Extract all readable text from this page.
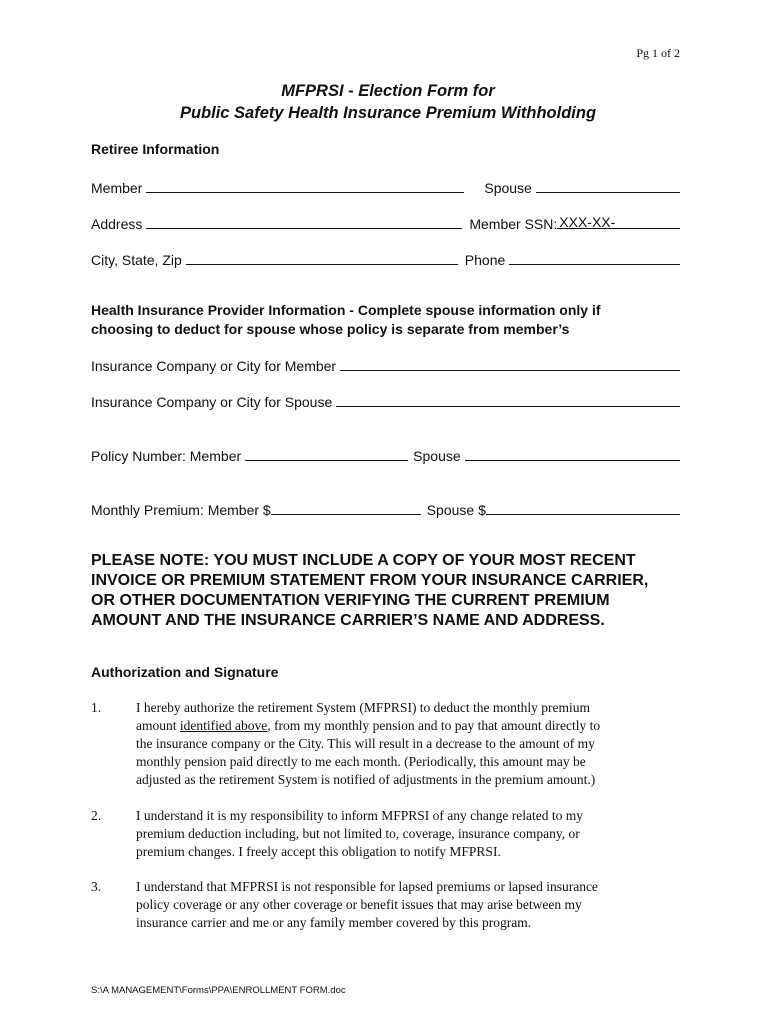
Pg 1 of 2
MFPRSI - Election Form for
Public Safety Health Insurance Premium Withholding
Retiree Information
Member	Spouse
Address	Member SSN: XXX-XX-
City, State, Zip	Phone
Health Insurance Provider Information - Complete spouse information only if
choosing to deduct for spouse whose policy is separate from member’s
Insurance Company or City for Member
Insurance Company or City for Spouse
Policy Number: Member	Spouse
Monthly Premium: Member $	Spouse $
PLEASE NOTE: YOU MUST INCLUDE A COPY OF YOUR MOST RECENT
INVOICE OR PREMIUM STATEMENT FROM YOUR INSURANCE CARRIER,
OR OTHER DOCUMENTATION VERIFYING THE CURRENT PREMIUM
AMOUNT AND THE INSURANCE CARRIER’S NAME AND ADDRESS.
Authorization and Signature
1.	I hereby authorize the retirement System (MFPRSI) to deduct the monthly premium
amount identified above, from my monthly pension and to pay that amount directly to
the insurance company or the City. This will result in a decrease to the amount of my
monthly pension paid directly to me each month. (Periodically, this amount may be
adjusted as the retirement System is notified of adjustments in the premium amount.)
2.	I understand it is my responsibility to inform MFPRSI of any change related to my
premium deduction including, but not limited to, coverage, insurance company, or
premium changes. I freely accept this obligation to notify MFPRSI.
3.	I understand that MFPRSI is not responsible for lapsed premiums or lapsed insurance
policy coverage or any other coverage or benefit issues that may arise between my
insurance carrier and me or any family member covered by this program.
S:\A MANAGEMENT\Forms\PPA\ENROLLMENT FORM.doc
